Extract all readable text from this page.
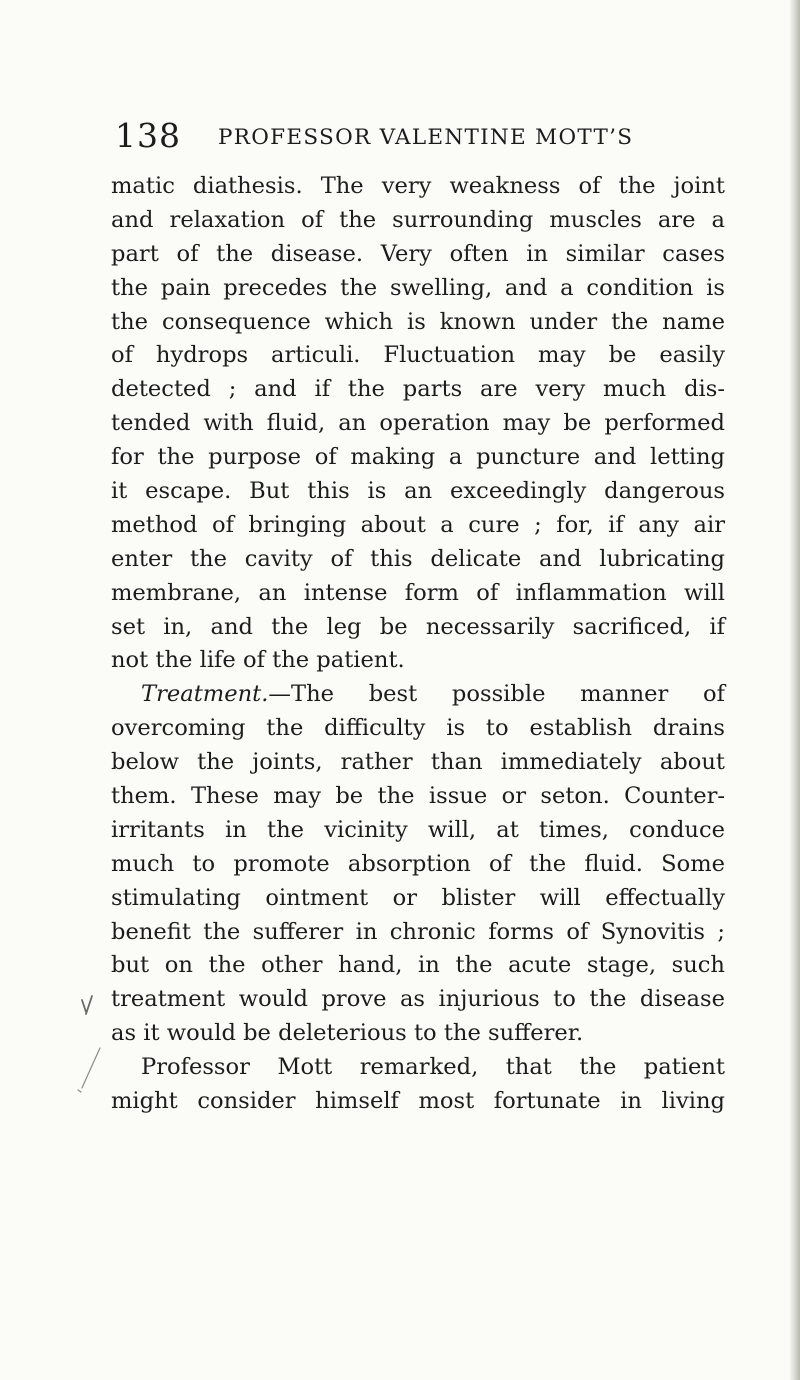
138 PROFESSOR VALENTINE MOTT’S
matic diathesis. The very weakness of the joint
and relaxation of the surrounding muscles are a
part of the disease. Very often in similar cases
the pain precedes the swelling, and a condition is
the consequence which is known under the name
of hydrops articuli. Fluctuation may be easily
detected ; and if the parts are very much dis-
tended with fluid, an operation may be performed
for the purpose of making a puncture and letting
it escape. But this is an exceedingly dangerous
method of bringing about a cure ; for, if any air
enter the cavity of this delicate and lubricating
membrane, an intense form of inflammation will
set in, and the leg be necessarily sacrificed, if
not the life of the patient.
Treatment.—The best possible manner of
overcoming the difficulty is to establish drains
below the joints, rather than immediately about
them. These may be the issue or seton. Counter-
irritants in the vicinity will, at times, conduce
much to promote absorption of the fluid. Some
stimulating ointment or blister will effectually
benefit the sufferer in chronic forms of Synovitis ;
but on the other hand, in the acute stage, such
treatment would prove as injurious to the disease
as it would be deleterious to the sufferer.
Professor Mott remarked, that the patient
might consider himself most fortunate in living
